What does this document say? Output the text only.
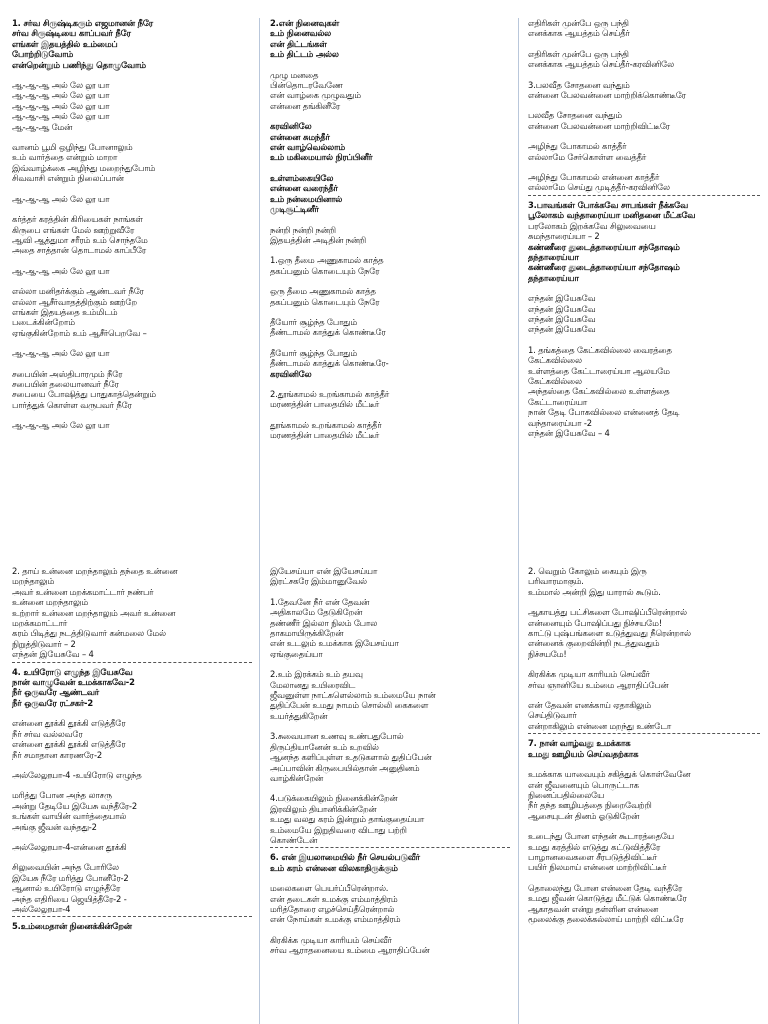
1. சர்வ சிருஷ்டிகரும் எஜமானன் நீரே
சர்வ சிருஷ்டியை காப்பவர் நீரே
எங்கள் இதயத்தில் உம்மைப்
போற்றிடுவோம்
என்றென்றும் பணிந்து தொழுவோம்
ஆ-ஆ-ஆ அல் லே லூ யா
ஆ-ஆ-ஆ அல் லே லூ யா
ஆ-ஆ-ஆ அல் லே லூ யா
ஆ-ஆ-ஆ அல் லே லூ யா
ஆ-ஆ-ஆ மேன்
வானம் பூமி ஒழிந்து போனாலும்
உம் வார்த்தை என்றும் மாறா
இவ்வாழ்க்கை அழிந்து மறைந்துபோம்
சிவவாசி என்றும் நிலைப்பான்
ஆ-ஆ-ஆ அல் லே லூ யா
கர்த்தர் கரத்தின் கிரியைகள் நாங்கள்
கிருபை எங்கள் மேல் ஊற்றுவீரே
ஆவி ஆத்துமா சரீரம் உம் சொந்தமே
அதை சாத்தான் தொடாமல் காப்பீரே
ஆ-ஆ-ஆ அல் லே லூ யா
எல்லா மனிதர்க்கும் ஆண்டவர் நீரே
எல்லா ஆசீர்வாதத்திற்கும் ஊற்றே
எங்கள் இதயத்தை உம்மிடம்
படைக்கின்றோம்
ஏங்குகின்றோம் உம் ஆசீர்பெறவே –
ஆ-ஆ-ஆ அல் லே லூ யா
சபையின் அஸ்திபாரமும் நீரே
சபையின் தலையானவர் நீரே
சபையை போஷித்து பாதுகாத்தென்றும்
பார்த்துக் கொள்ள வருபவர் நீரே
ஆ-ஆ-ஆ அல் லே லூ யா
2.என் நினைவுகள்
உம் நினைவல்ல
என் திட்டங்கள்
உம் திட்டம் அல்ல
முழு மனதை
பின்தொடரவேணே
என் வாழ்கை முழுவதும்
என்னை தங்கினீரே
கரவினிலே
என்னை சுமந்தீர்
என் வாழ்வெல்லாம்
உம் மகிமையால் நிரப்பினீர்
உள்ளம்கையிலே
என்னை வரைந்தீர்
உம் நன்மையினால்
முடிசூட்டினீர்
நன்றி நன்றி நன்றி
இதயத்தின் அடிதின் நன்றி
1.ஒரு தீமை அணுகாமல் காத்த
தகப்பனும் கொடையும் நேரே
ஒரு தீமை அணுகாமல் காத்த
தகப்பனும் கொடையும் நேரே
தீயோர் சூழ்ந்த போதும்
தீண்டாமல் காத்துக் கொண்டீரே
தீயோர் சூழ்ந்த போதும்
தீண்டாமல் காத்துக் கொண்டீரே-
கரவினிலே
2.தூங்காமல் உறங்காமல் காத்தீர்
மரணத்தின் பாதையில் மீட்டீர்
தூங்காமல் உறங்காமல் காத்தீர்
மரணத்தின் பாதையில் மீட்டீர்
எதிரிகள் முன்பே ஒரு பந்தி
எனக்காக ஆயத்தம் செய்தீர்
எதிரிகள் முன்பே ஒரு பந்தி
எனக்காக ஆயத்தம் செய்தீர்-கரவினிலே
3.பலவீத சோதனை வந்தும்
என்னை பேலவன்னை மாற்றிக்கொண்டீரே
பலவீத சோதனை வந்தும்
என்னை பேலவன்னை மாற்றிவிட்டீரே
அழிந்து போகாமல் காத்தீர்
எல்லாமே சேர்கொள்ள வைத்தீர்
அழிந்து போகாமல் என்னை காத்தீர்
எல்லாமே செய்து முடித்தீர்-கரவினிலே
3.பாவங்கள் போக்கவே சாபங்கள் நீக்கவே
பூலோகம் வந்தாரைய்யா மனிதனை மீட்கவே
பரலோகம் இறக்கவே சிலுவையை
சுமந்தாரைய்யா – 2
கண்ணீரை துடைத்தாரைய்யா சந்தோஷம்
தந்தாரைய்யா
கண்ணீரை துடைத்தாரைய்யா சந்தோஷம்
தந்தாரைய்யா
எந்தன் இயேசுவே
எந்தன் இயேசுவே
எந்தன் இயேசுவே
எந்தன் இயேசுவே
1. தங்கத்தை கேட்கவில்லை வைரத்தை
கேட்கவில்லை
உள்ளத்தை கேட்டாரைய்யா ஆலயமே
கேட்கவில்லை
அந்தஸ்தை கேட்கவில்லை உள்ளத்தை
கேட்டாரைய்யா
நான் தேடி போகவில்லை என்னைத் தேடி
வந்தாரைய்யா -2
எந்தன் இயேசுவே – 4
2. தாய் உன்னை மறந்தாலும் தந்தை உன்னை
மறந்தாலும்
அவர் உன்னை மறக்கமாட்டார் நண்பர்
உன்னை மறந்தாலும்
உற்றார் உன்னை மறந்தாலும் அவர் உன்னை
மறக்கமாட்டார்
கரம் பிடித்து நடத்திடுவார் கன்மலை மேல்
நிறுத்திடுவார் – 2
எந்தன் இயேசுவே – 4
4. உயிரோடு எழுந்த இயேசுவே
நான் வாழுவேன் உமக்காகவே-2
நீர் ஒருவரே ஆண்டவர்
நீர் ஒருவரே ரட்சகர்-2
என்னை தூக்கி தூக்கி எடுத்தீரே
நீர் சர்வ வல்லவரே
என்னை தூக்கி தூக்கி எடுத்தீரே
நீர் சமாதான காரணரே-2
அல்லேலூயா-4 -உயிரோடு எழுந்த
மரித்து போன அந்த லாசரு
அன்று தேடியே இயேசு வந்தீரே-2
உங்கள் வாயின் வார்த்தையால்
அங்கு ஜீவன் வந்தது-2
அல்லேலூயா-4-என்னை தூக்கி
சிலுவையின் அந்த போரிலே
இயேசு நீரே மரித்து போனீரே-2
ஆனால் உயிரோடு எழுந்தீரே
அந்த எதிரியை ஜெயித்தீரே-2 -
அல்லேலூயா-4
5.உம்மைதான் நினைக்கின்றேன்
இயேசய்யா என் இயேசய்யா
இரட்சகரே இம்மானுவேல்
1.தேவனே நீர் என் தேவன்
அதிகாலமே தேடுகிறேன்
தண்ணீர் இல்லா நிலம் போல
தாகமாயிருக்கிறேன்
என் உடலும் உமக்காக இயேசய்யா
ஏங்குதைய்யா
2.உம் இரக்கம் உம் தயவு
மேலானது உயிரைவிட
ஜீவனுள்ள நாட்களெல்லாம் உம்மையே நான்
துதிப்பேன் உமது நாமம் சொல்லி கைகளை
உயர்த்துகிறேன்
3.சுவையான உணவு உண்பதுபோல்
திருப்தியானேன் உம் உறவில்
ஆனந்த களிப்புள்ள உதடுகளால் துதிப்பேன்
அப்பாவின் கிருபையில்தான் அனுதினம்
வாழ்கின்றேன்
4.படுக்கையிலும் நினைக்கின்றேன்
இரவிலும் தியானிக்கின்றேன்
உமது வலது கரம் இன்றும் தாங்குதைய்யா
உம்மையே இறுதிவரை விடாது பற்றி
கொண்டேன்
6. என் இயலாமையில் நீர் செயல்படுவீர்
உம் கரம் என்னை விலகாதிருக்கும்
மலைகளை பெயர்ப்பீரென்றால்.
என் தடைகள் உமக்கு எம்மாத்திரம்
மரித்தோரை எழச்செய்தீரென்றால்
என் நோய்கள் உமக்கு எம்மாத்திரம்
கிரகிக்க முடியா காரியம் செய்வீர்
சர்வ ஆராதனையை உம்மை ஆராதிப்பேன்
2. வெறும் கோலும் கையும் இரு
பரிவாரமாகும்.
உம்மால் அன்றி இது யாரால் கூடும்.
ஆகாயத்து பட்சிகளை போஷிப்பீரென்றால்
என்னையும் போஷிப்பது நிச்சயமே!
காட்டு புஷ்பங்களை உடுத்துவது நீரென்றால்
என்னைக் குறைவின்றி நடத்துவதும்
நிச்சயமே!
கிரகிக்க முடியா காரியம் செய்வீர்
சர்வ ஞானியே உம்மை ஆராதிப்பேன்
என் தேவன் எனக்காய் ஏதாகிலும்
செய்திடுவார்
என்றாகிலும் என்னை மறந்து உண்டோ
7. நான் வாழ்வது உமக்காக
உமது ஊழியம் செய்வதற்காக
உமக்காக யாவையும் சகித்துக் கொள்வேனே
என் ஜீவனையும் பொருட்டாக
நினைப்பதில்லையே
நீர் தந்த ஊழியத்தை நிறைவேற்றி
ஆசையுடன் தினம் ஓடுகிறேன்
உடைந்து போன எந்தன் கூடாரத்தையே
உமது கரத்தில் எடுத்து கட்டுவித்தீரே
பாழானவைகளை சீரபடுத்திவிட்டீர்
பயிர் நிலமாய் என்னை மாற்றிவிட்டீர்
தொலைந்து போன என்னை தேடி வந்தீரே
உமது ஜீவன் கொடுத்து மீட்டுக் கொண்டீரே
ஆகாதவன் என்று தள்ளின என்னை
மூலைக்கு தலைக்கல்லாய் மாற்றி விட்டீரே
